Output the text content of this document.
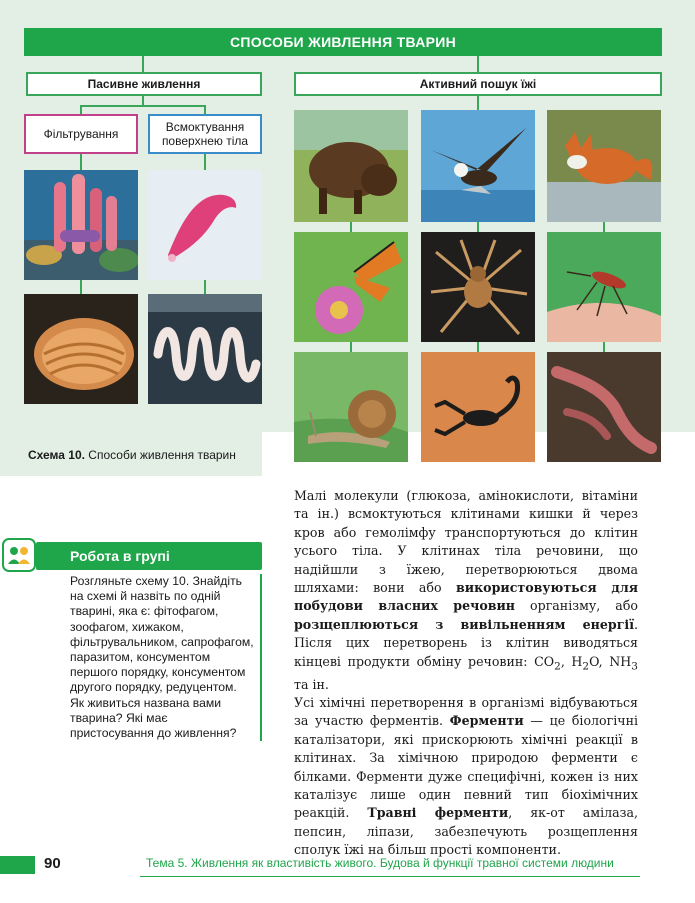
СПОСОБИ ЖИВЛЕННЯ ТВАРИН
Пасивне живлення	Активний пошук їжі
Фільтрування
Всмоктування
поверхнею тіла
Схема 10. Способи живлення тварин
Робота в групі
Розгляньте схему 10. Знайдіть на схемі й назвіть по одній тварині, яка є: фітофагом, зоофагом, хижаком, фільтрувальником, сапрофагом, паразитом, консументом першого порядку, консументом другого порядку, редуцентом. Як живиться названа вами тварина? Які має пристосування до живлення?

Малі молекули (глюкоза, амінокислоти, вітаміни та ін.) всмоктуються клітинами кишки й через кров або гемолімфу транспортуються до клітин усього тіла. У клітинах тіла речовини, що надійшли з їжею, перетворюються двома шляхами: вони або використовуються для побудови власних речовин організму, або розщеплюються з вивільненням енергії. Після цих перетворень із клітин виводяться кінцеві продукти обміну речовин: $CO_2$, $H_2O$, $NH_3$ та ін.

Усі хімічні перетворення в організмі відбуваються за участю ферментів. Ферменти — це біологічні каталізатори, які прискорюють хімічні реакції в клітинах. За хімічною природою ферменти є білками. Ферменти дуже специфічні, кожен із них каталізує лише один певний тип біохімічних реакцій. Травні ферменти, як-от амілаза, пепсин, ліпази, забезпечують розщеплення сполук їжі на більш прості компоненти.

90	Тема 5. Живлення як властивість живого. Будова й функції травної системи людини
